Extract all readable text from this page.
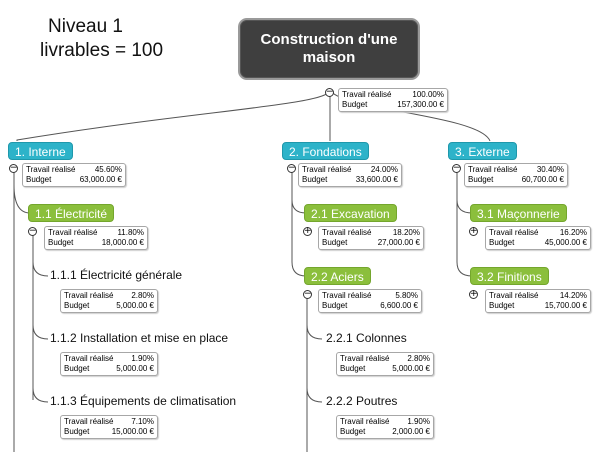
Niveau 1
livrables = 100
Construction d'une maison
− Travail réalisé	100.00%
Budget	157,300.00 €
1. Interne
− Travail réalisé 45.60%
Budget	63,000.00 €
2. Fondations
− Travail réalisé 24.00%
Budget	33,600.00 €
3. Externe
− Travail réalisé 30.40%
Budget	60,700.00 €
1.1 Électricité
− Travail réalisé 11.80%
Budget	18,000.00 €
2.1 Excavation
+ Travail réalisé	18.20%
Budget	27,000.00 €
2.2 Aciers
− Travail réalisé	5.80%
Budget	6,600.00 €
3.1 Maçonnerie
+ Travail réalisé	16.20%
Budget	45,000.00 €
3.2 Finitions
+ Travail réalisé	14.20%
Budget	15,700.00 €
1.1.1 Électricité générale
Travail réalisé 2.80%
Budget	5,000.00 €
1.1.2 Installation et mise en place
Travail réalisé 1.90%
Budget	5,000.00 €
1.1.3 Équipements de climatisation
Travail réalisé 7.10%
Budget	15,000.00 €
2.2.1 Colonnes
Travail réalisé 2.80%
Budget	5,000.00 €
2.2.2 Poutres
Travail réalisé 1.90%
Budget	2,000.00 €
